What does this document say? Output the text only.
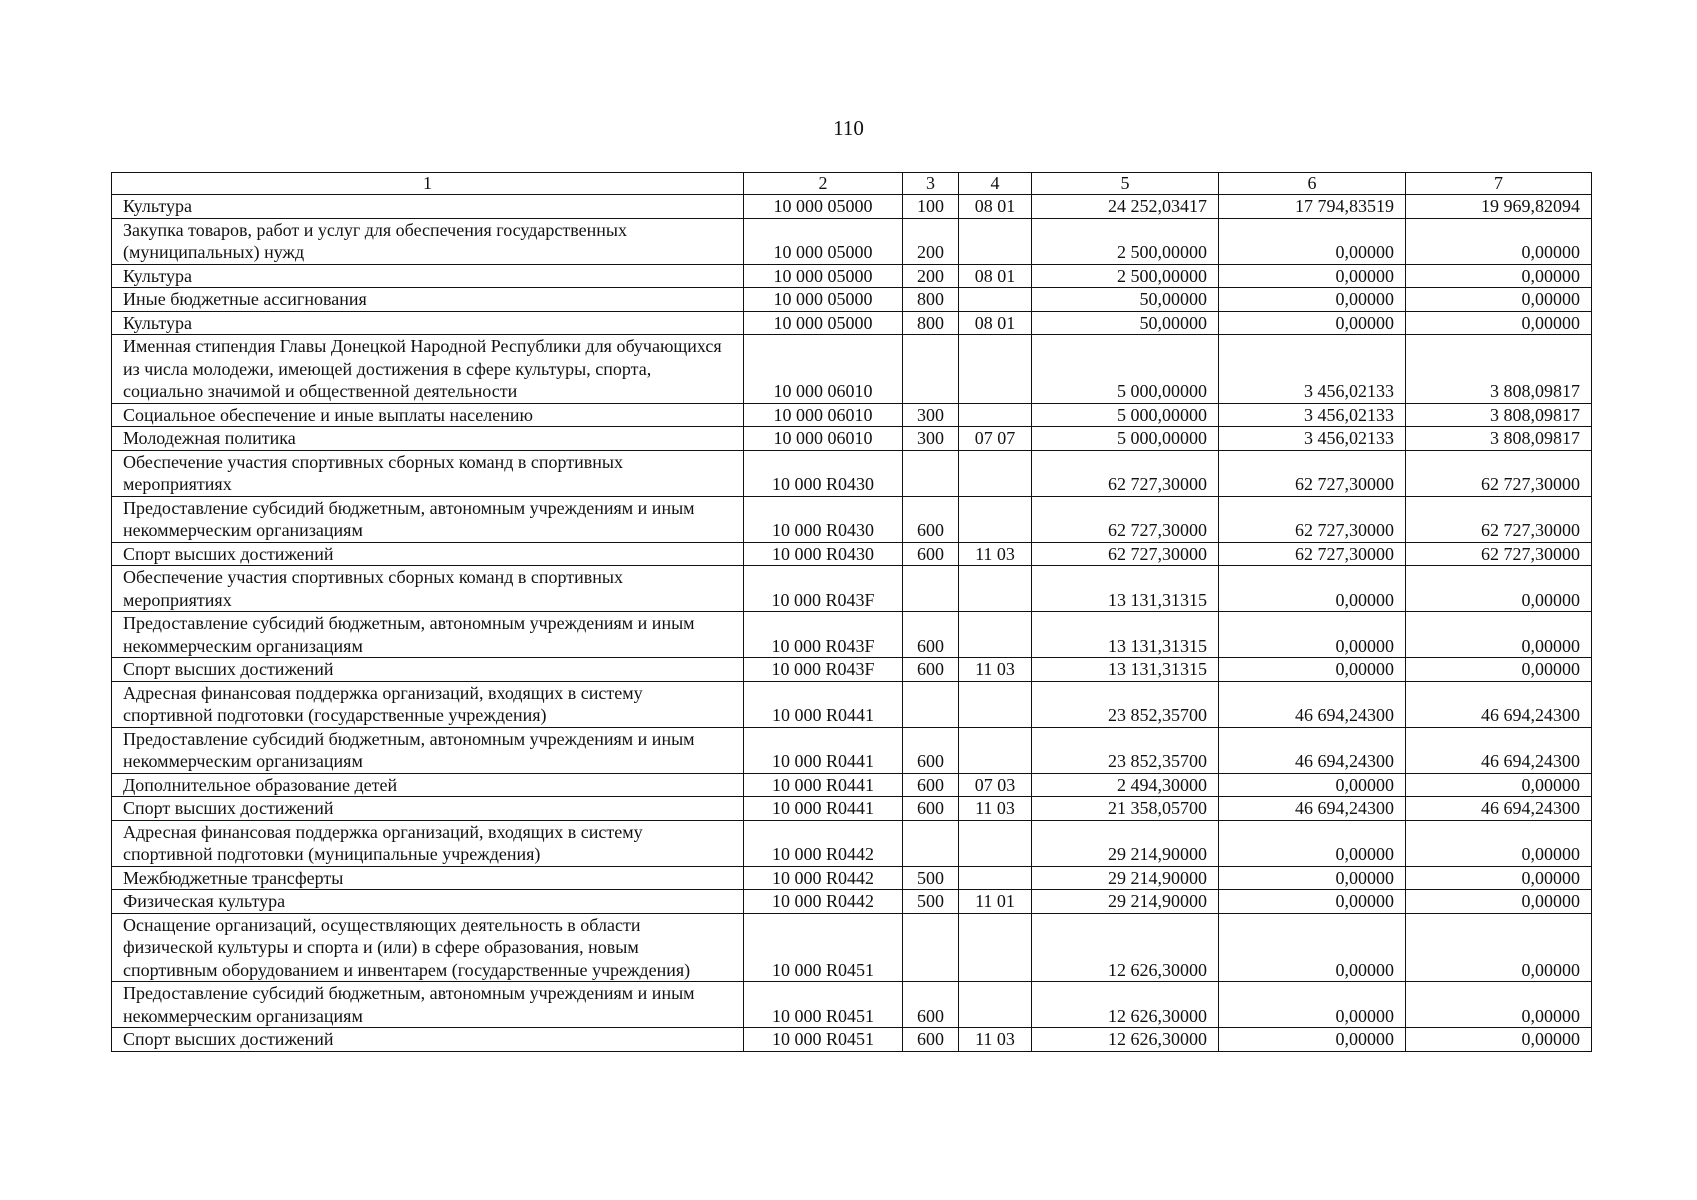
110
1	2	3	4	5	6	7
Культура	10 000 05000	100	08 01	24 252,03417	17 794,83519	19 969,82094
Закупка товаров, работ и услуг для обеспечения государственных (муниципальных) нужд	10 000 05000	200		2 500,00000	0,00000	0,00000
Культура	10 000 05000	200	08 01	2 500,00000	0,00000	0,00000
Иные бюджетные ассигнования	10 000 05000	800		50,00000	0,00000	0,00000
Культура	10 000 05000	800	08 01	50,00000	0,00000	0,00000
Именная стипендия Главы Донецкой Народной Республики для обучающихся из числа молодежи, имеющей достижения в сфере культуры, спорта, социально значимой и общественной деятельности	10 000 06010			5 000,00000	3 456,02133	3 808,09817
Социальное обеспечение и иные выплаты населению	10 000 06010	300		5 000,00000	3 456,02133	3 808,09817
Молодежная политика	10 000 06010	300	07 07	5 000,00000	3 456,02133	3 808,09817
Обеспечение участия спортивных сборных команд в спортивных мероприятиях	10 000 R0430			62 727,30000	62 727,30000	62 727,30000
Предоставление субсидий бюджетным, автономным учреждениям и иным некоммерческим организациям	10 000 R0430	600		62 727,30000	62 727,30000	62 727,30000
Спорт высших достижений	10 000 R0430	600	11 03	62 727,30000	62 727,30000	62 727,30000
Обеспечение участия спортивных сборных команд в спортивных мероприятиях	10 000 R043F			13 131,31315	0,00000	0,00000
Предоставление субсидий бюджетным, автономным учреждениям и иным некоммерческим организациям	10 000 R043F	600		13 131,31315	0,00000	0,00000
Спорт высших достижений	10 000 R043F	600	11 03	13 131,31315	0,00000	0,00000
Адресная финансовая поддержка организаций, входящих в систему спортивной подготовки (государственные учреждения)	10 000 R0441			23 852,35700	46 694,24300	46 694,24300
Предоставление субсидий бюджетным, автономным учреждениям и иным некоммерческим организациям	10 000 R0441	600		23 852,35700	46 694,24300	46 694,24300
Дополнительное образование детей	10 000 R0441	600	07 03	2 494,30000	0,00000	0,00000
Спорт высших достижений	10 000 R0441	600	11 03	21 358,05700	46 694,24300	46 694,24300
Адресная финансовая поддержка организаций, входящих в систему спортивной подготовки (муниципальные учреждения)	10 000 R0442			29 214,90000	0,00000	0,00000
Межбюджетные трансферты	10 000 R0442	500		29 214,90000	0,00000	0,00000
Физическая культура	10 000 R0442	500	11 01	29 214,90000	0,00000	0,00000
Оснащение организаций, осуществляющих деятельность в области физической культуры и спорта и (или) в сфере образования, новым спортивным оборудованием и инвентарем (государственные учреждения)	10 000 R0451			12 626,30000	0,00000	0,00000
Предоставление субсидий бюджетным, автономным учреждениям и иным некоммерческим организациям	10 000 R0451	600		12 626,30000	0,00000	0,00000
Спорт высших достижений	10 000 R0451	600	11 03	12 626,30000	0,00000	0,00000
